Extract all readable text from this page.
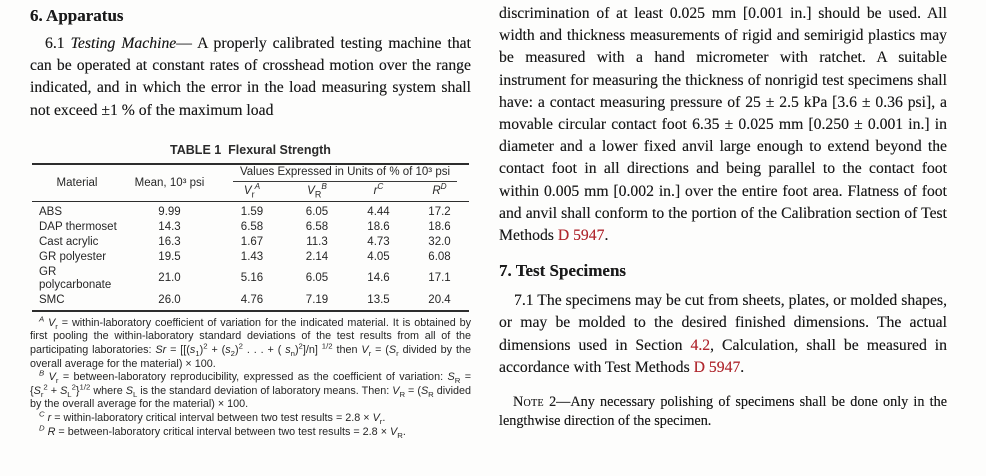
6. Apparatus

6.1 Testing Machine— A properly calibrated testing machine that can be operated at constant rates of crosshead motion over the range indicated, and in which the error in the load measuring system shall not exceed ±1 % of the maximum load

TABLE 1  Flexural Strength
Material	Mean, 10³ psi	Values Expressed in Units of % of 10³ psi			

		$V_r^A$	$V_R^B$	$r^C$	$R^D$
ABS	9.99	1.59	6.05	4.44	17.2
DAP thermoset	14.3	6.58	6.58	18.6	18.6
Cast acrylic	16.3	1.67	11.3	4.73	32.0
GR polyester	19.5	1.43	2.14	4.05	6.08
GR polycarbonate	21.0	5.16	6.05	14.6	17.1
SMC	26.0	4.76	7.19	13.5	20.4

$^A$ $V_r$ = within-laboratory coefficient of variation for the indicated material. It is obtained by first pooling the within-laboratory standard deviations of the test results from all of the participating laboratories: $Sr = [[(s_1)^2 + (s_2)^2$ . . . + ( $s_n)^2]/n$] $^{1/2}$ then $V_r = (S_r$ divided by the overall average for the material) × 100.

$^B$ $V_r$ = between-laboratory reproducibility, expressed as the coefficient of variation: $S_R = \{S_r^2 + S_L^2\}^{1/2}$ where $S_L$ is the standard deviation of laboratory means. Then: $V_R = (S_R$ divided by the overall average for the material) × 100.

$^C$ r = within-laboratory critical interval between two test results = $2.8 \times V_r$.

$^D$ R = between-laboratory critical interval between two test results = $2.8 \times V_R$.

discrimination of at least 0.025 mm [0.001 in.] should be used. All width and thickness measurements of rigid and semirigid plastics may be measured with a hand micrometer with ratchet. A suitable instrument for measuring the thickness of nonrigid test specimens shall have: a contact measuring pressure of 25 ± 2.5 kPa [3.6 ± 0.36 psi], a movable circular contact foot 6.35 ± 0.025 mm [0.250 ± 0.001 in.] in diameter and a lower fixed anvil large enough to extend beyond the contact foot in all directions and being parallel to the contact foot within 0.005 mm [0.002 in.] over the entire foot area. Flatness of foot and anvil shall conform to the portion of the Calibration section of Test Methods D 5947.

7. Test Specimens

7.1 The specimens may be cut from sheets, plates, or molded shapes, or may be molded to the desired finished dimensions. The actual dimensions used in Section 4.2, Calculation, shall be measured in accordance with Test Methods D 5947.

Note 2—Any necessary polishing of specimens shall be done only in the lengthwise direction of the specimen.
